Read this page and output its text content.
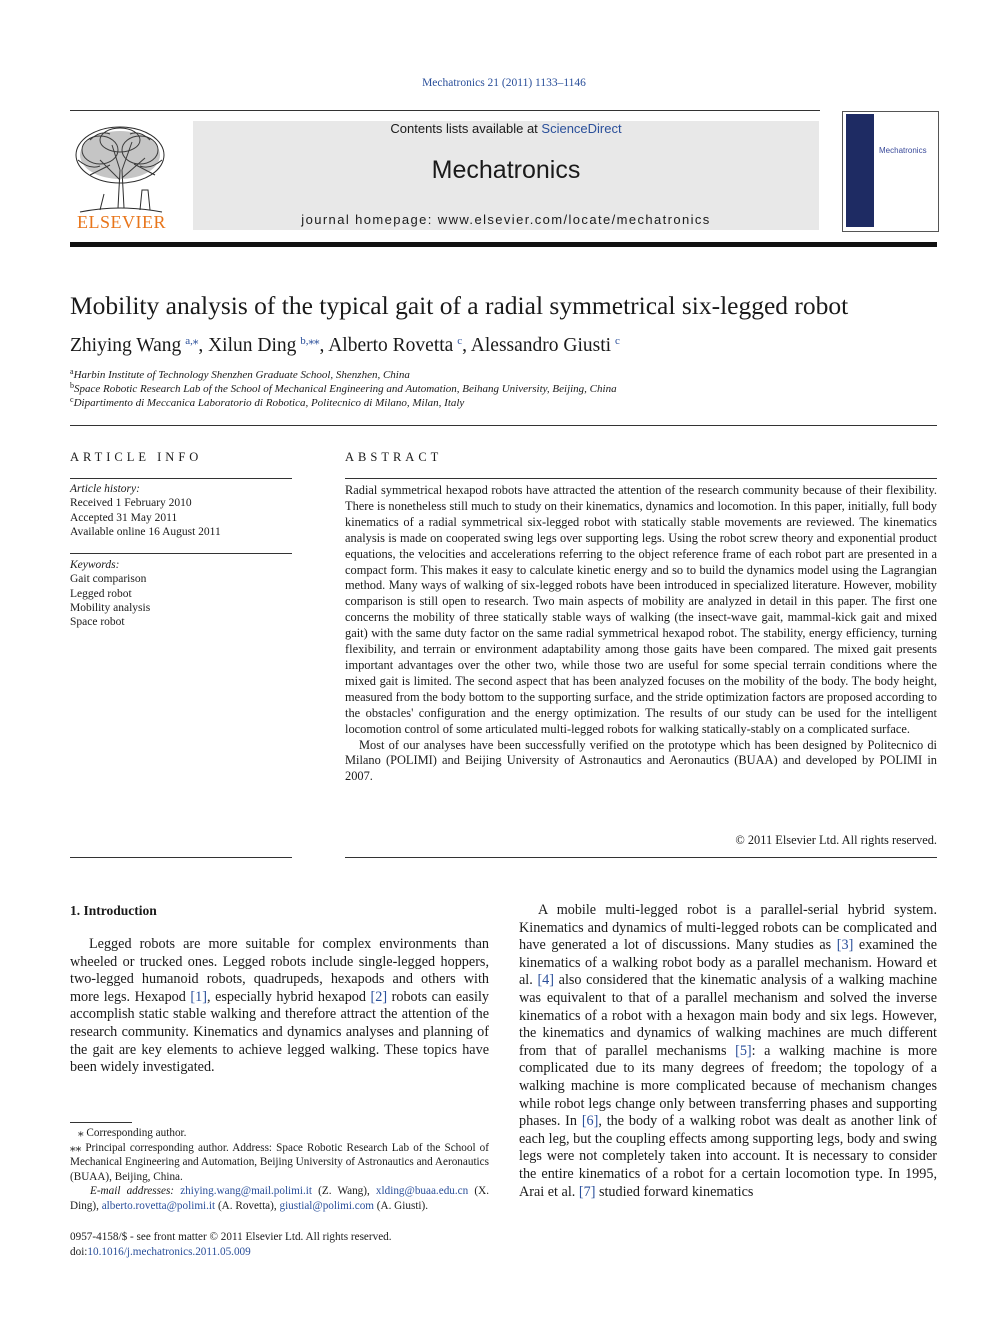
Mechatronics 21 (2011) 1133–1146
ELSEVIER
Contents lists available at ScienceDirect
Mechatronics
journal homepage: www.elsevier.com/locate/mechatronics
Mechatronics
Mobility analysis of the typical gait of a radial symmetrical six-legged robot
Zhiying Wang  $^{a,⁎}$, Xilun Ding  $^{b,⁎⁎}$, Alberto Rovetta  $^c$, Alessandro Giusti  $^c$
$^a$Harbin Institute of Technology Shenzhen Graduate School, Shenzhen, China
$^b$Space Robotic Research Lab of the School of Mechanical Engineering and Automation, Beihang University, Beijing, China
$^c$Dipartimento di Meccanica Laboratorio di Robotica, Politecnico di Milano, Milan, Italy
ARTICLE INFO
Article history:
Received 1 February 2010
Accepted 31 May 2011
Available online 16 August 2011
Keywords:
Gait comparison
Legged robot
Mobility analysis
Space robot
ABSTRACT

Radial symmetrical hexapod robots have attracted the attention of the research community because of their flexibility. There is nonetheless still much to study on their kinematics, dynamics and locomotion. In this paper, initially, full body kinematics of a radial symmetrical six-legged robot with statically stable movements are reviewed. The kinematics analysis is made on cooperated swing legs over supporting legs. Using the robot screw theory and exponential product equations, the velocities and accelerations referring to the object reference frame of each robot part are presented in a compact form. This makes it easy to calculate kinetic energy and so to build the dynamics model using the Lagrangian method. Many ways of walking of six-legged robots have been introduced in specialized literature. However, mobility comparison is still open to research. Two main aspects of mobility are analyzed in detail in this paper. The first one concerns the mobility of three statically stable ways of walking (the insect-wave gait, mammal-kick gait and mixed gait) with the same duty factor on the same radial symmetrical hexapod robot. The stability, energy efficiency, turning flexibility, and terrain or environment adaptability among those gaits have been compared. The mixed gait presents important advantages over the other two, while those two are useful for some special terrain conditions where the mixed gait is limited. The second aspect that has been analyzed focuses on the mobility of the body. The body height, measured from the body bottom to the supporting surface, and the stride optimization factors are proposed according to the obstacles' configuration and the energy optimization. The results of our study can be used for the intelligent locomotion control of some articulated multi-legged robots for walking statically-stably on a complicated surface.

Most of our analyses have been successfully verified on the prototype which has been designed by Politecnico di Milano (POLIMI) and Beijing University of Astronautics and Aeronautics (BUAA) and developed by POLIMI in 2007.

© 2011 Elsevier Ltd. All rights reserved.
1. Introduction

Legged robots are more suitable for complex environments than wheeled or trucked ones. Legged robots include single-legged hoppers, two-legged humanoid robots, quadrupeds, hexapods and others with more legs. Hexapod [1], especially hybrid hexapod [2] robots can easily accomplish static stable walking and therefore attract the attention of the research community. Kinematics and dynamics analyses and planning of the gait are key elements to achieve legged walking. These topics have been widely investigated.

A mobile multi-legged robot is a parallel-serial hybrid system. Kinematics and dynamics of multi-legged robots can be complicated and have generated a lot of discussions. Many studies as [3] examined the kinematics of a walking robot body as a parallel mechanism. Howard et al. [4] also considered that the kinematic analysis of a walking machine was equivalent to that of a parallel mechanism and solved the inverse kinematics of a robot with a hexagon main body and six legs. However, the kinematics and dynamics of walking machines are much different from that of parallel mechanisms [5]: a walking machine is more complicated due to its many degrees of freedom; the topology of a walking machine is more complicated because of mechanism changes while robot legs change only between transferring phases and supporting phases. In [6], the body of a walking robot was dealt as another link of each leg, but the coupling effects among supporting legs, body and swing legs were not completely taken into account. It is necessary to consider the entire kinematics of a robot for a certain locomotion type. In 1995, Arai et al. [7] studied forward kinematics

⁎ Corresponding author.

⁎⁎ Principal corresponding author. Address: Space Robotic Research Lab of the School of Mechanical Engineering and Automation, Beijing University of Astronautics and Aeronautics (BUAA), Beijing, China.

E-mail addresses: zhiying.wang@mail.polimi.it (Z. Wang), xlding@buaa.edu.cn (X. Ding), alberto.rovetta@polimi.it (A. Rovetta), giustial@polimi.com (A. Giusti).

0957-4158/$ - see front matter © 2011 Elsevier Ltd. All rights reserved.
doi:10.1016/j.mechatronics.2011.05.009
